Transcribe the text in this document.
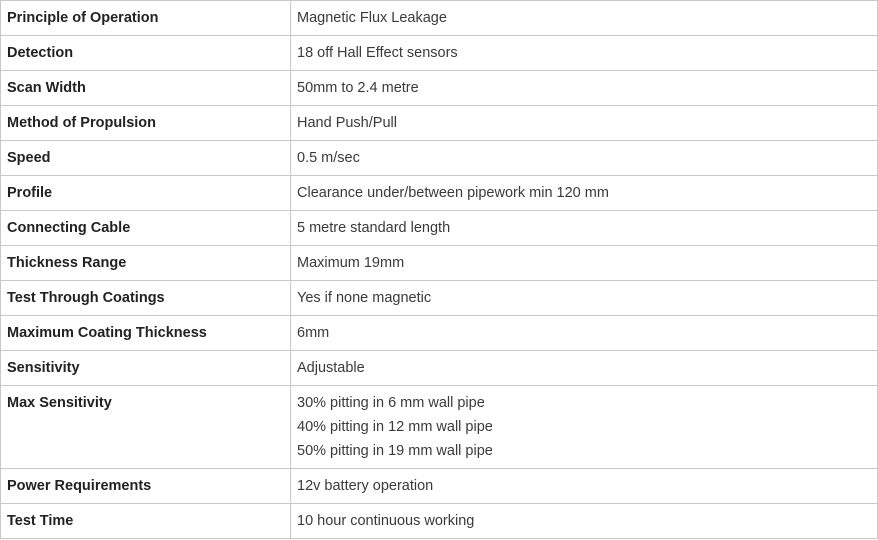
Principle of Operation	Magnetic Flux Leakage

Detection	18 off Hall Effect sensors

Scan Width	50mm to 2.4 metre

Method of Propulsion	Hand Push/Pull

Speed	0.5 m/sec

Profile	Clearance under/between pipework min 120 mm

Connecting Cable	5 metre standard length

Thickness Range	Maximum 19mm

Test Through Coatings	Yes if none magnetic

Maximum Coating Thickness	6mm

Sensitivity	Adjustable

Max Sensitivity	30% pitting in 6 mm wall pipe
40% pitting in 12 mm wall pipe
50% pitting in 19 mm wall pipe

Power Requirements	12v battery operation

Test Time	10 hour continuous working
